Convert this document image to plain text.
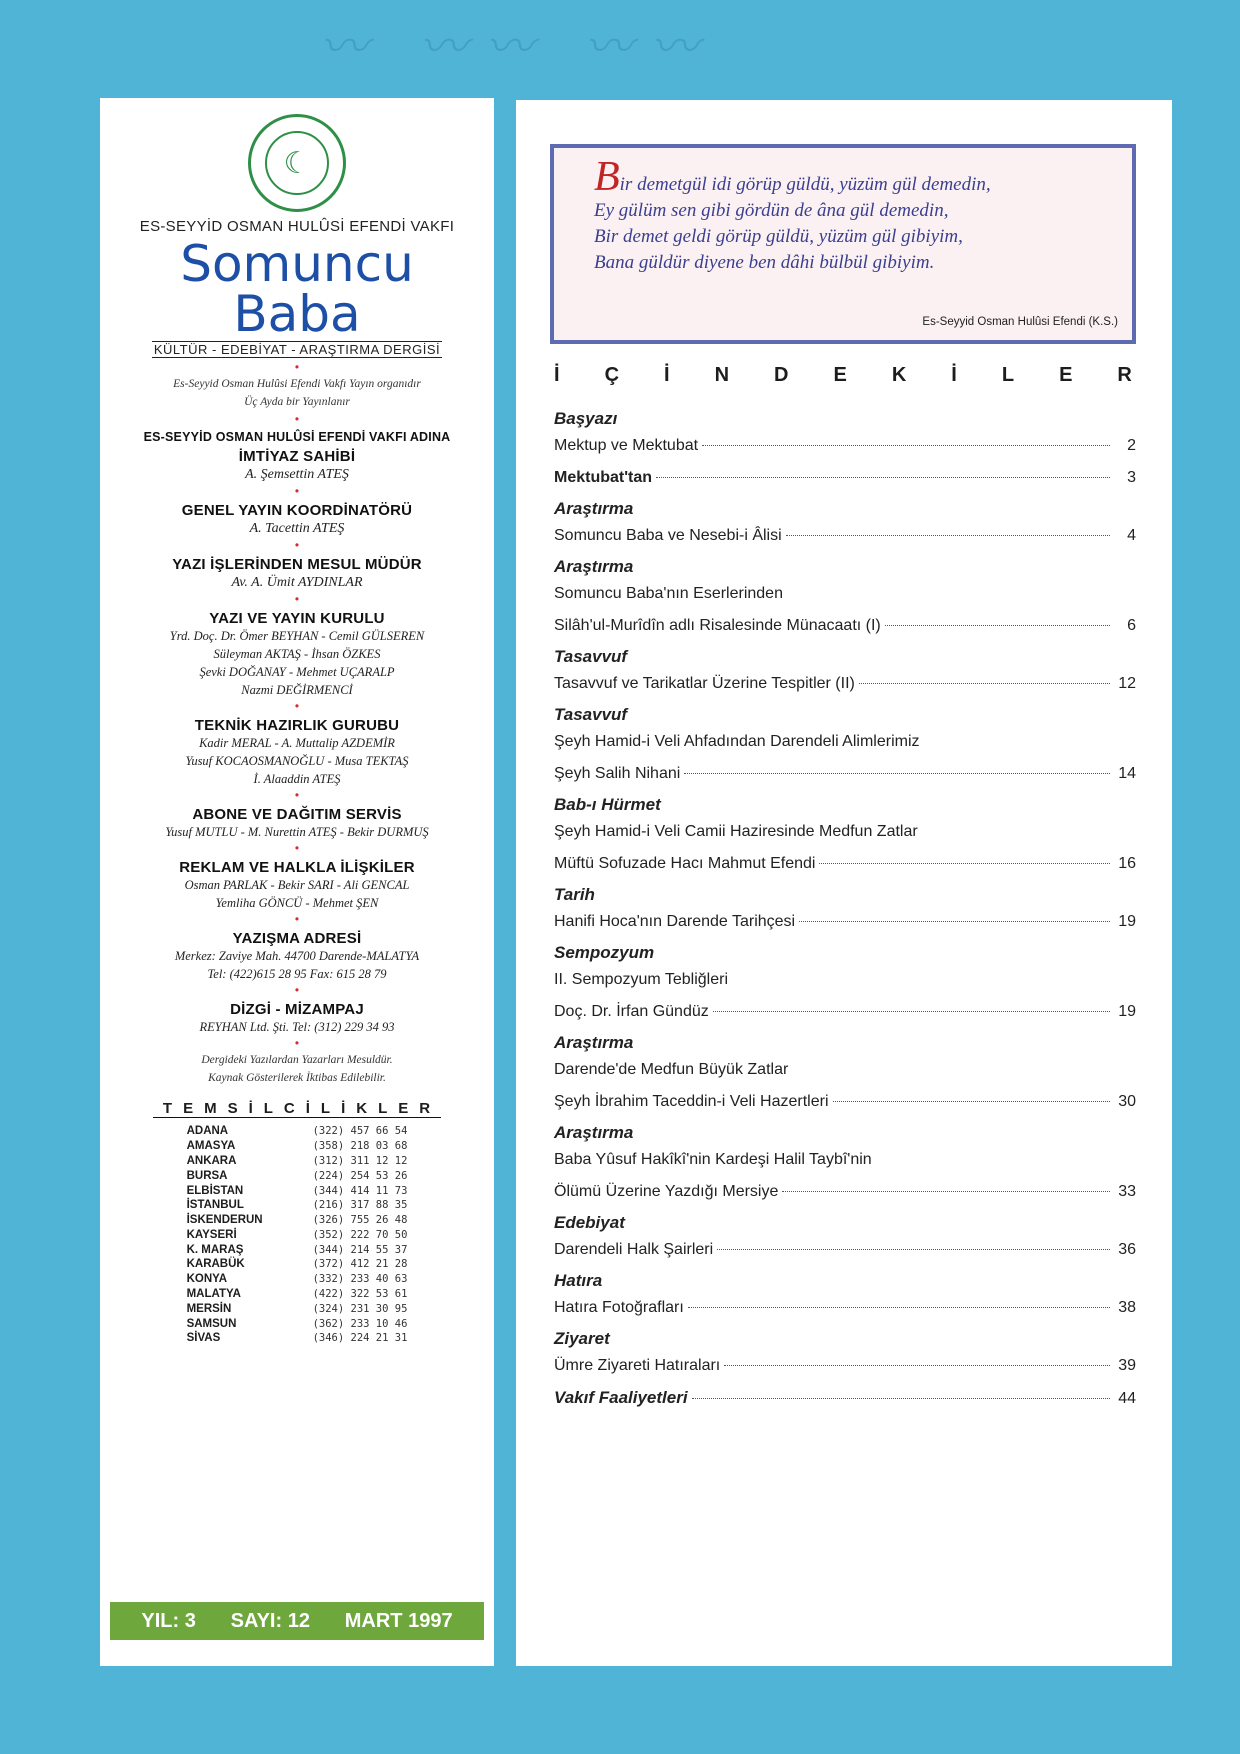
〰 〰〰 〰〰
☾
ES-SEYYİD OSMAN HULÛSİ EFENDİ VAKFI
Somuncu Baba
KÜLTÜR - EDEBİYAT - ARAŞTIRMA DERGİSİ
•
Es-Seyyid Osman Hulûsi Efendi Vakfı Yayın organıdır
Üç Ayda bir Yayınlanır
•
ES-SEYYİD OSMAN HULÛSİ EFENDİ VAKFI ADINA
İMTİYAZ SAHİBİ
A. Şemsettin ATEŞ
•
GENEL YAYIN KOORDİNATÖRÜ
A. Tacettin ATEŞ
•
YAZI İŞLERİNDEN MESUL MÜDÜR
Av. A. Ümit AYDINLAR
•
YAZI VE YAYIN KURULU
Yrd. Doç. Dr. Ömer BEYHAN - Cemil GÜLSEREN
Süleyman AKTAŞ - İhsan ÖZKES
Şevki DOĞANAY - Mehmet UÇARALP
Nazmi DEĞİRMENCİ
•
TEKNİK HAZIRLIK GURUBU
Kadir MERAL - A. Muttalip AZDEMİR
Yusuf KOCAOSMANOĞLU - Musa TEKTAŞ
İ. Alaaddin ATEŞ
•
ABONE VE DAĞITIM SERVİS
Yusuf MUTLU - M. Nurettin ATEŞ - Bekir DURMUŞ
•
REKLAM VE HALKLA İLİŞKİLER
Osman PARLAK - Bekir SARI - Ali GENCAL
Yemliha GÖNCÜ - Mehmet ŞEN
•
YAZIŞMA ADRESİ
Merkez: Zaviye Mah. 44700 Darende-MALATYA
Tel: (422)615 28 95 Fax: 615 28 79
•
DİZGİ - MİZAMPAJ
REYHAN Ltd. Şti. Tel: (312) 229 34 93
•
Dergideki Yazılardan Yazarları Mesuldür.
Kaynak Gösterilerek İktibas Edilebilir.
TEMSİLCİLİKLER
ADANA	(322) 457 66 54
AMASYA	(358) 218 03 68
ANKARA	(312) 311 12 12
BURSA	(224) 254 53 26
ELBİSTAN	(344) 414 11 73
İSTANBUL	(216) 317 88 35
İSKENDERUN	(326) 755 26 48
KAYSERİ	(352) 222 70 50
K. MARAŞ	(344) 214 55 37
KARABÜK	(372) 412 21 28
KONYA	(332) 233 40 63
MALATYA	(422) 322 53 61
MERSİN	(324) 231 30 95
SAMSUN	(362) 233 10 46
SİVAS	(346) 224 21 31
YIL: 3 SAYI: 12 MART 1997
Bir demetgül idi görüp güldü, yüzüm gül demedin,
Ey gülüm sen gibi gördün de âna gül demedin,
Bir demet geldi görüp güldü, yüzüm gül gibiyim,
Bana güldür diyene ben dâhi bülbül gibiyim.
Es-Seyyid Osman Hulûsi Efendi (K.S.)
İ Ç İ N D E K İ L E R
Başyazı
Mektup ve Mektubat	2
Mektubat'tan	3
Araştırma
Somuncu Baba ve Nesebi-i Âlisi	4
Araştırma
Somuncu Baba'nın Eserlerinden
Silâh'ul-Murîdîn adlı Risalesinde Münacaatı (I)	6
Tasavvuf
Tasavvuf ve Tarikatlar Üzerine Tespitler (II)	12
Tasavvuf
Şeyh Hamid-i Veli Ahfadından Darendeli Alimlerimiz
Şeyh Salih Nihani	14
Bab-ı Hürmet
Şeyh Hamid-i Veli Camii Haziresinde Medfun Zatlar
Müftü Sofuzade Hacı Mahmut Efendi	16
Tarih
Hanifi Hoca'nın Darende Tarihçesi	19
Sempozyum
II. Sempozyum Tebliğleri
Doç. Dr. İrfan Gündüz	19
Araştırma
Darende'de Medfun Büyük Zatlar
Şeyh İbrahim Taceddin-i Veli Hazertleri	30
Araştırma
Baba Yûsuf Hakîkî'nin Kardeşi Halil Taybî'nin
Ölümü Üzerine Yazdığı Mersiye	33
Edebiyat
Darendeli Halk Şairleri	36
Hatıra
Hatıra Fotoğrafları	38
Ziyaret
Ümre Ziyareti Hatıraları	39
Vakıf Faaliyetleri	44
